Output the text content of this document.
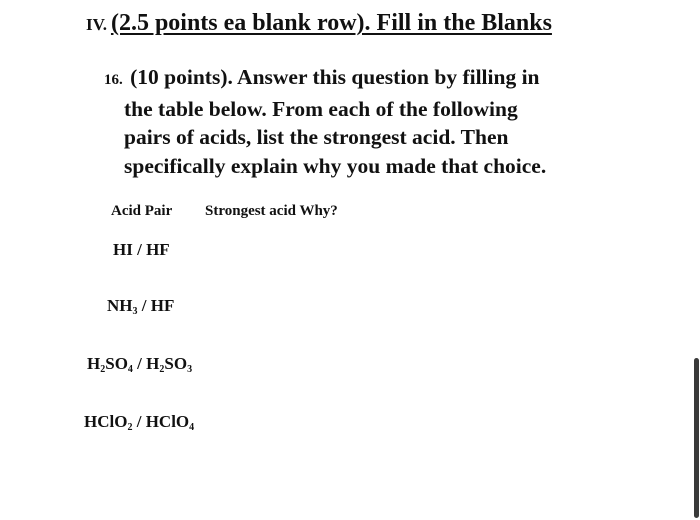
IV. (2.5 points ea blank row). Fill in the Blanks
16. (10 points). Answer this question by filling in
the table below. From each of the following
pairs of acids, list the strongest acid. Then
specifically explain why you made that choice.
Acid Pair Strongest acid Why?
HI / HF
$NH_3$ / HF
$H_2SO_4 / H_2SO_3$
HClO$_2$ / HClO$_4$
